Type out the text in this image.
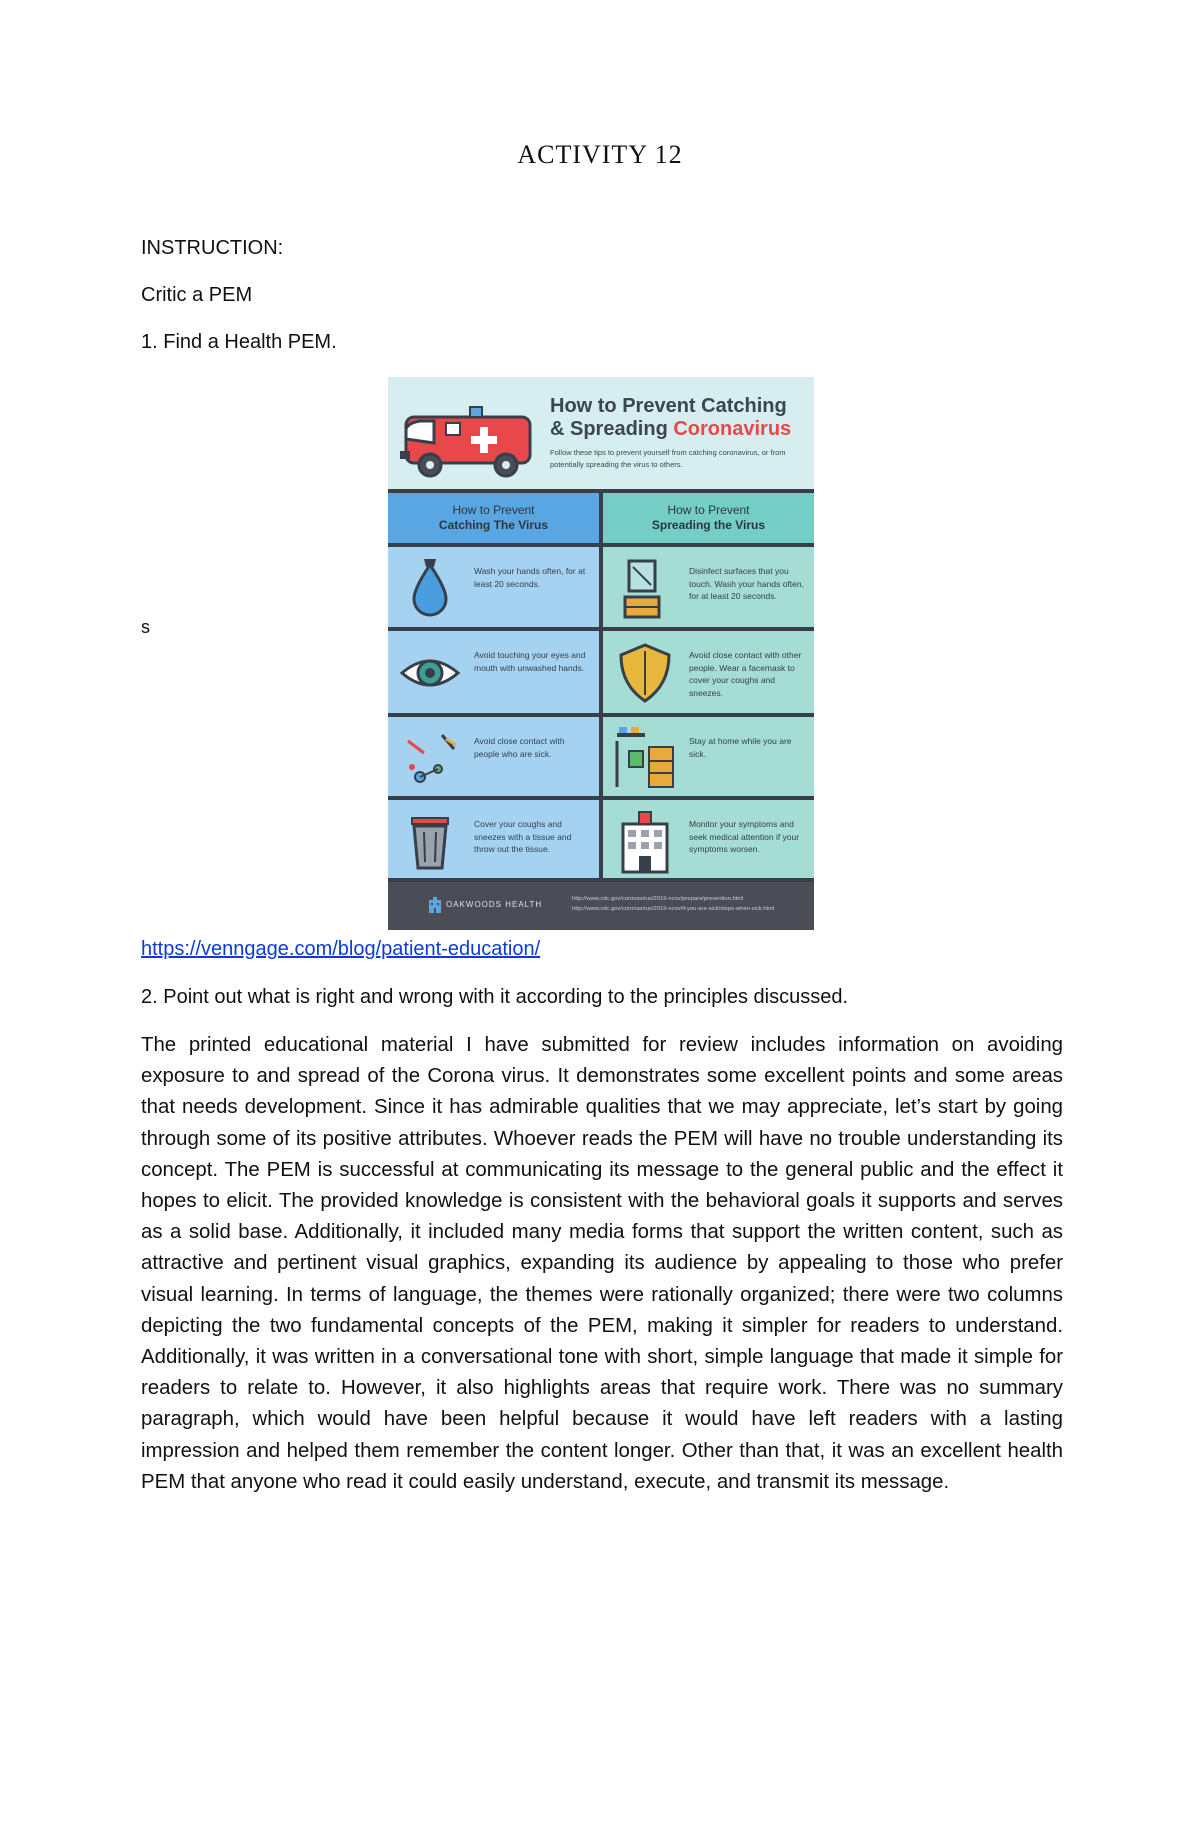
ACTIVITY 12
INSTRUCTION:
Critic a PEM
1. Find a Health PEM.
s
How to Prevent Catching
& Spreading Coronavirus
Follow these tips to prevent yourself from catching coronavirus, or from potentially spreading the virus to others.
How to Prevent
Catching The Virus
How to Prevent
Spreading the Virus
Wash your hands often, for at least 20 seconds.
Avoid touching your eyes and mouth with unwashed hands.
Avoid close contact with people who are sick.
Cover your coughs and sneezes with a tissue and throw out the tissue.
Disinfect surfaces that you touch. Wash your hands often, for at least 20 seconds.
Avoid close contact with other people. Wear a facemask to cover your coughs and sneezes.
Stay at home while you are sick.
Monitor your symptoms and seek medical attention if your symptoms worsen.
OAKWOODS HEALTH
http://www.cdc.gov/coronavirus/2019-ncov/prepare/prevention.html http://www.cdc.gov/coronavirus/2019-ncov/if-you-are-sick/steps-when-sick.html
https://venngage.com/blog/patient-education/
2. Point out what is right and wrong with it according to the principles discussed.

The printed educational material I have submitted for review includes information on avoiding exposure to and spread of the Corona virus. It demonstrates some excellent points and some areas that needs development. Since it has admirable qualities that we may appreciate, let’s start by going through some of its positive attributes. Whoever reads the PEM will have no trouble understanding its concept. The PEM is successful at communicating its message to the general public and the effect it hopes to elicit. The provided knowledge is consistent with the behavioral goals it supports and serves as a solid base. Additionally, it included many media forms that support the written content, such as attractive and pertinent visual graphics, expanding its audience by appealing to those who prefer visual learning. In terms of language, the themes were rationally organized; there were two columns depicting the two fundamental concepts of the PEM, making it simpler for readers to understand. Additionally, it was written in a conversational tone with short, simple language that made it simple for readers to relate to. However, it also highlights areas that require work. There was no summary paragraph, which would have been helpful because it would have left readers with a lasting impression and helped them remember the content longer. Other than that, it was an excellent health PEM that anyone who read it could easily understand, execute, and transmit its message.
